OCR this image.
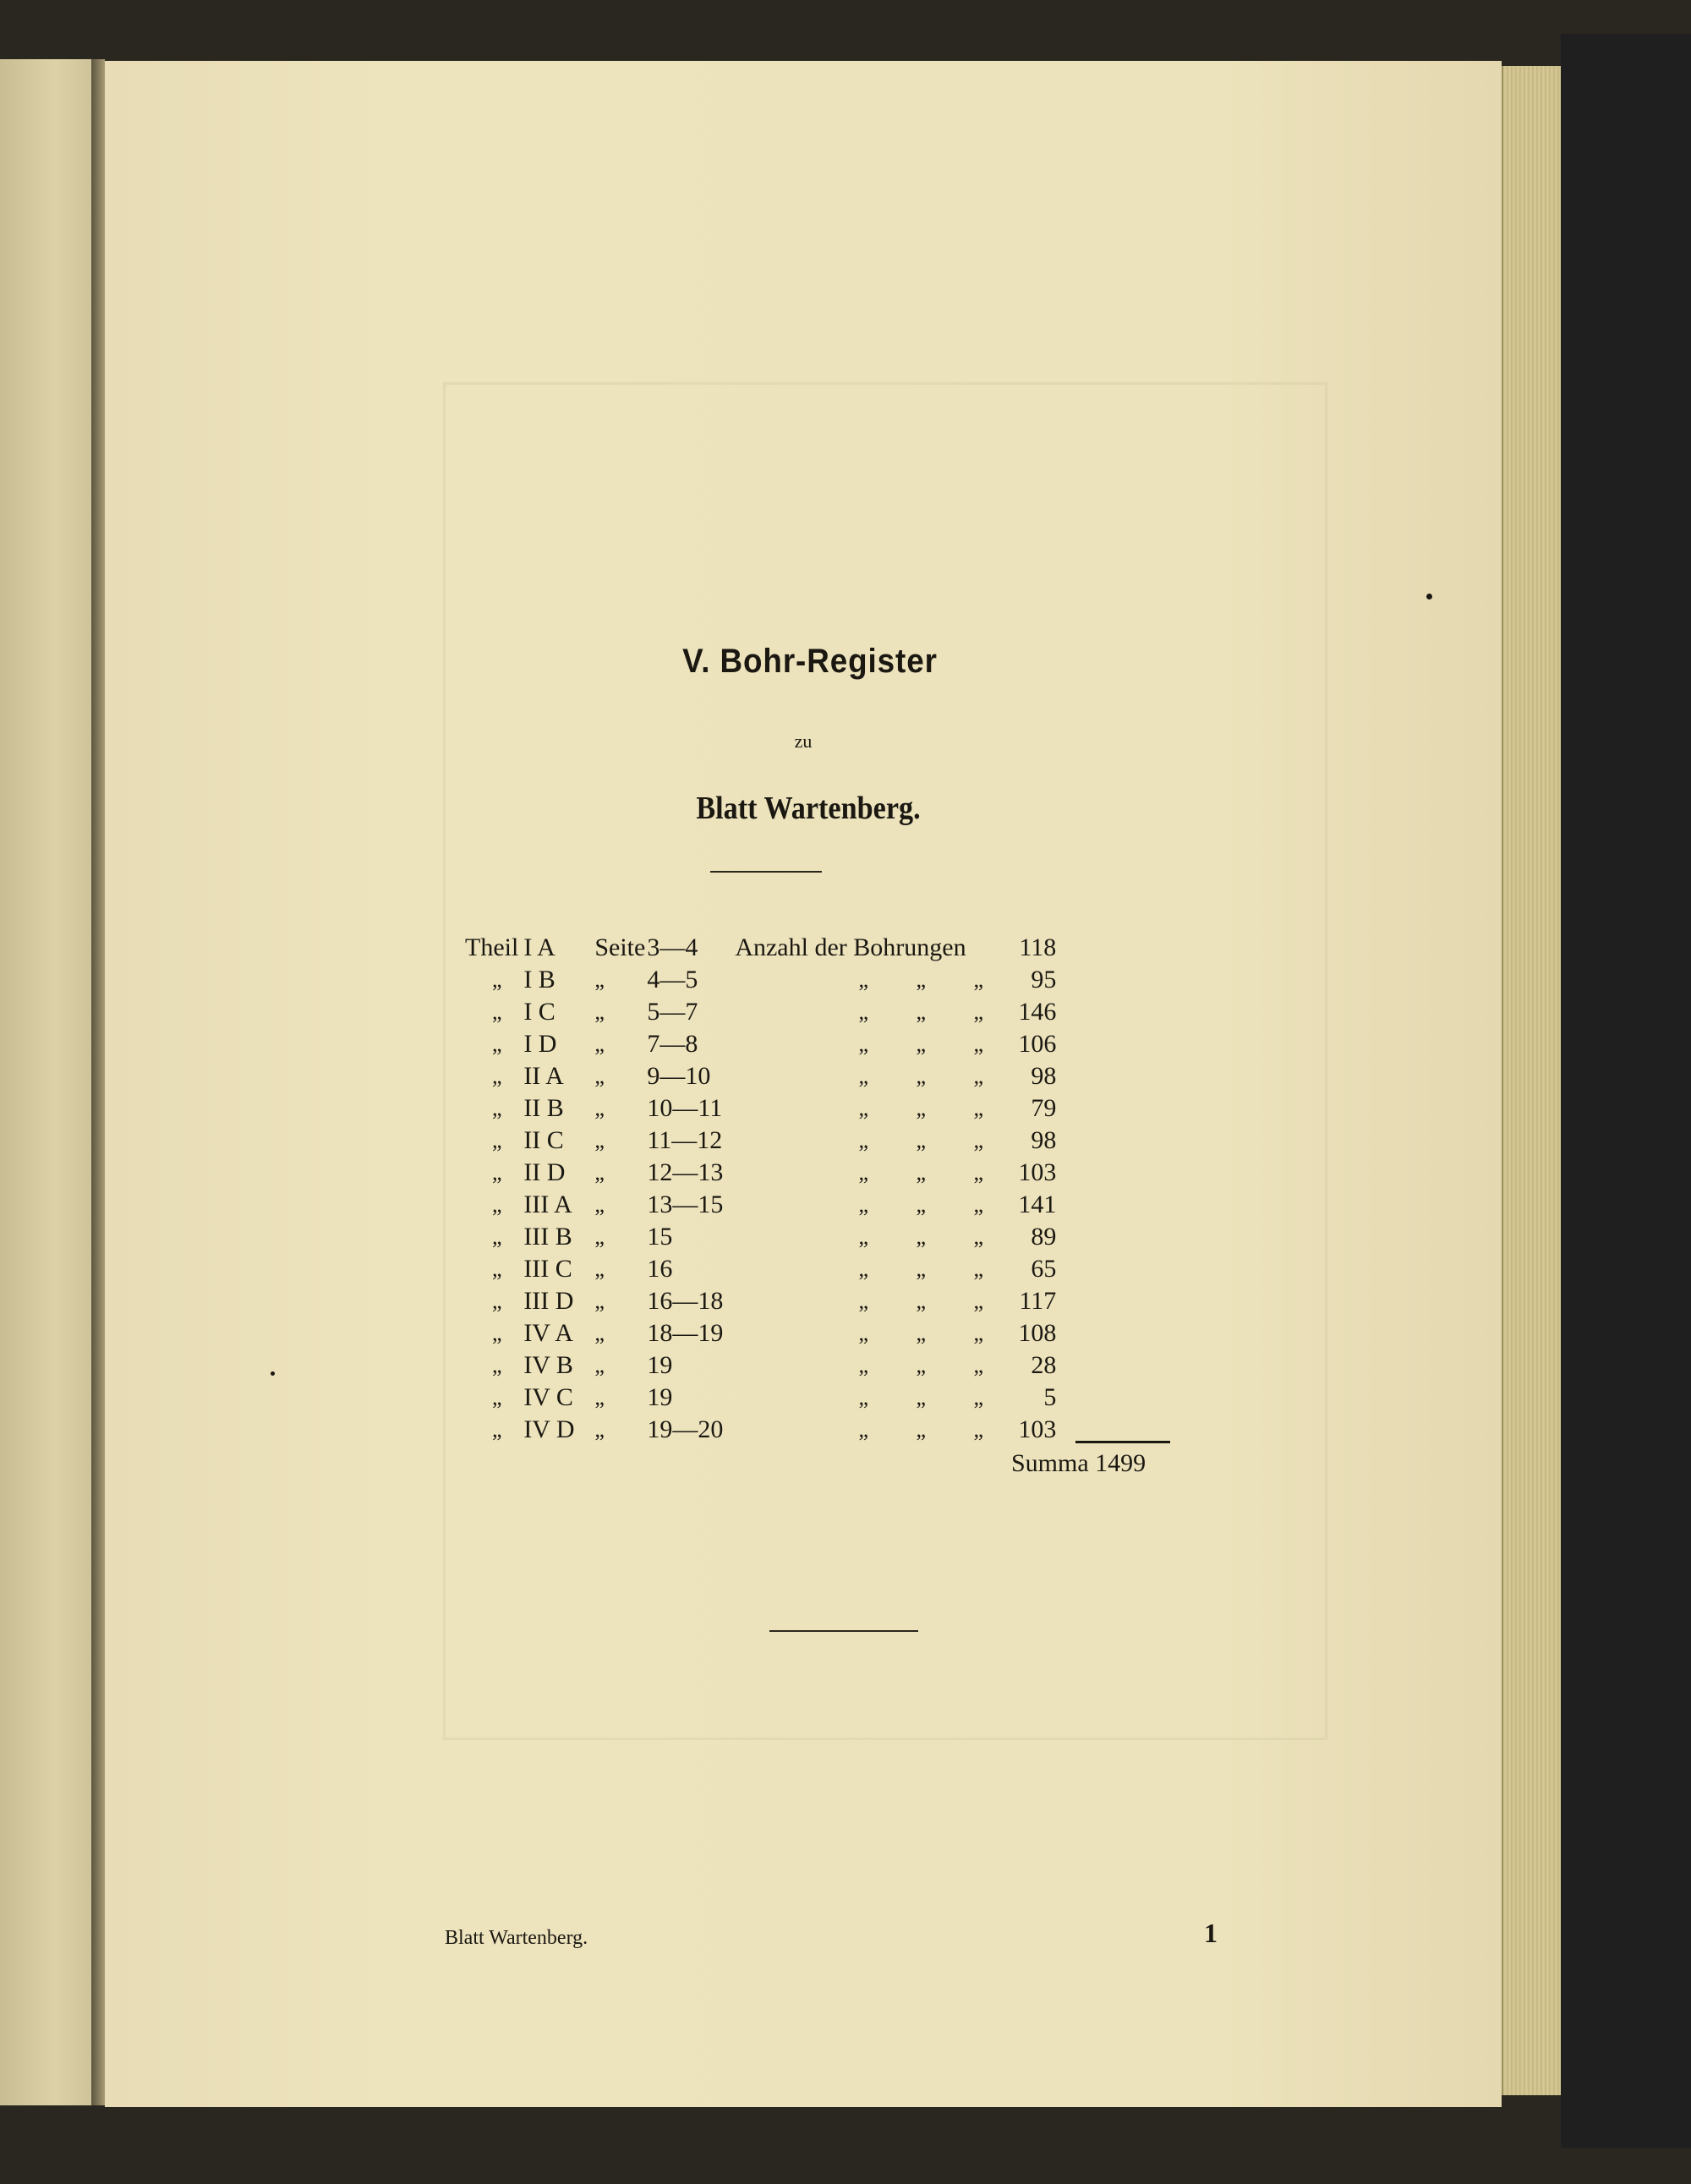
V. Bohr-Register
zu
Blatt Wartenberg.
Theil	I A	Seite	3—4	Anzahl der Bohrungen				118
„	I B	„	4—5		„	„	„	95
„	I C	„	5—7		„	„	„	146
„	I D	„	7—8		„	„	„	106
„	II A	„	9—10		„	„	„	98
„	II B	„	10—11		„	„	„	79
„	II C	„	11—12		„	„	„	98
„	II D	„	12—13		„	„	„	103
„	III A	„	13—15		„	„	„	141
„	III B	„	15		„	„	„	89
„	III C	„	16		„	„	„	65
„	III D	„	16—18		„	„	„	117
„	IV A	„	18—19		„	„	„	108
„	IV B	„	19		„	„	„	28
„	IV C	„	19		„	„	„	5
„	IV D	„	19—20		„	„	„	103
Summa 1499
Blatt Wartenberg.	1
